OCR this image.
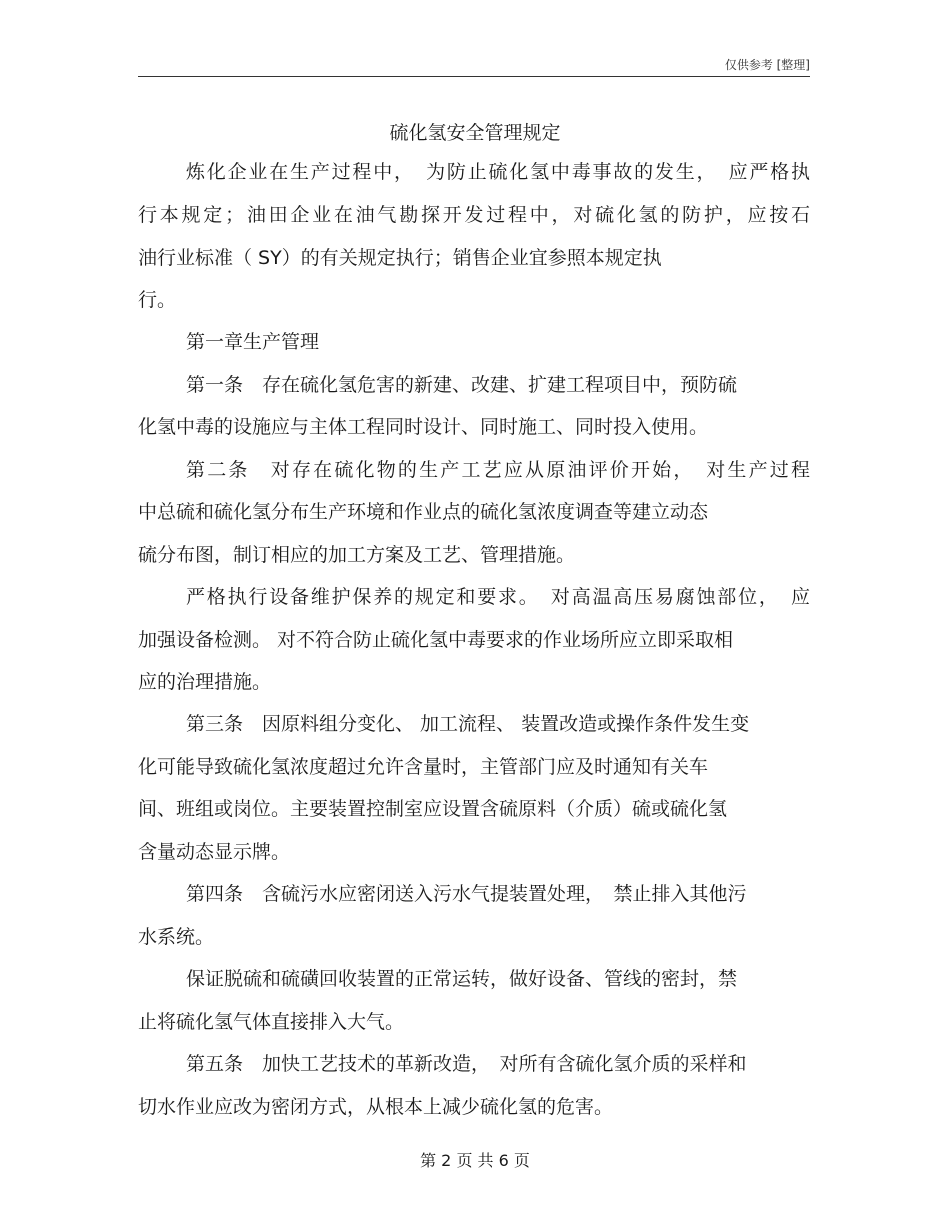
仅供参考 [整理]
硫化氢安全管理规定
炼化企业在生产过程中，　为防止硫化氢中毒事故的发生，　应严格执
行本规定；油田企业在油气勘探开发过程中，对硫化氢的防护，应按石
油行业标准（ SY）的有关规定执行；销售企业宜参照本规定执
行。
第一章生产管理
第一条　存在硫化氢危害的新建、改建、扩建工程项目中，预防硫
化氢中毒的设施应与主体工程同时设计、同时施工、同时投入使用。
第二条　对存在硫化物的生产工艺应从原油评价开始，　对生产过程
中总硫和硫化氢分布生产环境和作业点的硫化氢浓度调查等建立动态
硫分布图，制订相应的加工方案及工艺、管理措施。
严格执行设备维护保养的规定和要求。　对高温高压易腐蚀部位，　应
加强设备检测。 对不符合防止硫化氢中毒要求的作业场所应立即采取相
应的治理措施。
第三条　因原料组分变化、 加工流程、 装置改造或操作条件发生变
化可能导致硫化氢浓度超过允许含量时，主管部门应及时通知有关车
间、班组或岗位。主要装置控制室应设置含硫原料（介质）硫或硫化氢
含量动态显示牌。
第四条　含硫污水应密闭送入污水气提装置处理，　禁止排入其他污
水系统。
保证脱硫和硫磺回收装置的正常运转，做好设备、管线的密封，禁
止将硫化氢气体直接排入大气。
第五条　加快工艺技术的革新改造，　对所有含硫化氢介质的采样和
切水作业应改为密闭方式，从根本上减少硫化氢的危害。
第 2 页 共 6 页
